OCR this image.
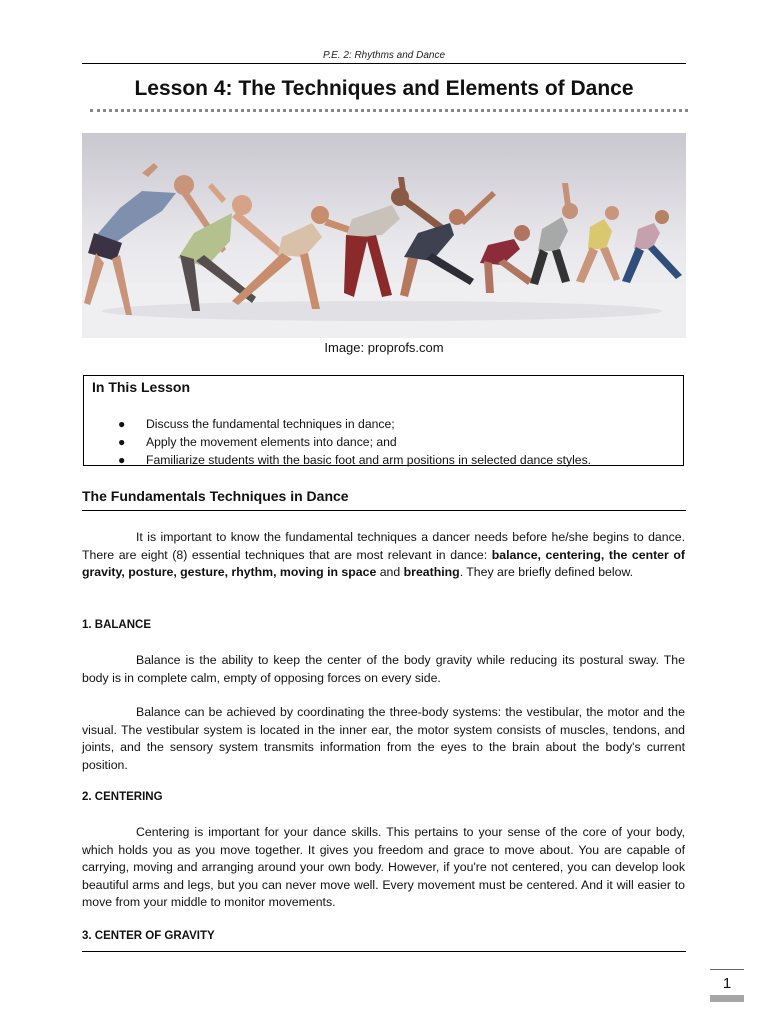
P.E. 2: Rhythms and Dance
Lesson 4: The Techniques and Elements of Dance
Image: proprofs.com
In This Lesson
● Discuss the fundamental techniques in dance;
● Apply the movement elements into dance; and
● Familiarize students with the basic foot and arm positions in selected dance styles.
The Fundamentals Techniques in Dance

It is important to know the fundamental techniques a dancer needs before he/she begins to dance. There are eight (8) essential techniques that are most relevant in dance: balance, centering, the center of gravity, posture, gesture, rhythm, moving in space and breathing. They are briefly defined below.

1. BALANCE

Balance is the ability to keep the center of the body gravity while reducing its postural sway. The body is in complete calm, empty of opposing forces on every side.

Balance can be achieved by coordinating the three-body systems: the vestibular, the motor and the visual. The vestibular system is located in the inner ear, the motor system consists of muscles, tendons, and joints, and the sensory system transmits information from the eyes to the brain about the body's current position.

2. CENTERING

Centering is important for your dance skills. This pertains to your sense of the core of your body, which holds you as you move together. It gives you freedom and grace to move about. You are capable of carrying, moving and arranging around your own body. However, if you're not centered, you can develop look beautiful arms and legs, but you can never move well. Every movement must be centered. And it will easier to move from your middle to monitor movements.

3. CENTER OF GRAVITY
1
